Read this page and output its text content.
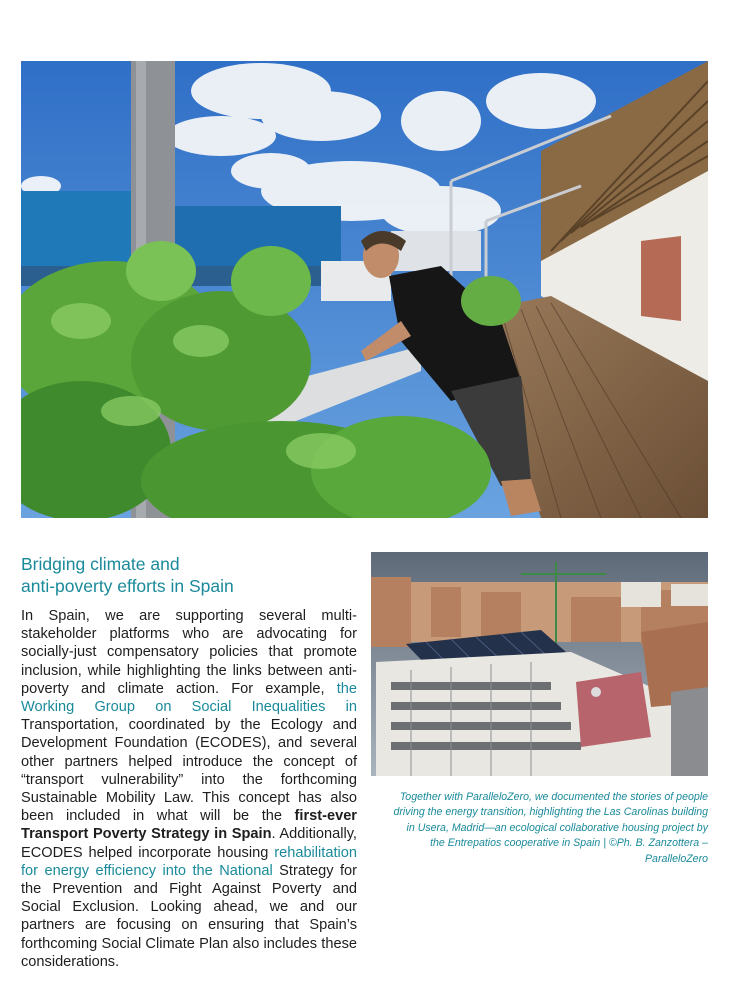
Bridging climate and
anti-poverty efforts in Spain

In Spain, we are supporting several multi-stakeholder platforms who are advocating for socially-just compensatory policies that promote inclusion, while highlighting the links between anti-poverty and climate action. For example, the Working Group on Social Inequalities in Transportation, coordinated by the Ecology and Development Foundation (ECODES), and several other partners helped introduce the concept of “transport vulnerability” into the forthcoming Sustainable Mobility Law. This concept has also been included in what will be the first-ever Transport Poverty Strategy in Spain. Additionally, ECODES helped incorporate housing rehabilitation for energy efficiency into the National Strategy for the Prevention and Fight Against Poverty and Social Exclusion. Looking ahead, we and our partners are focusing on ensuring that Spain’s forthcoming Social Climate Plan also includes these considerations.

Together with ParalleloZero, we documented the stories of people driving the energy transition, highlighting the Las Carolinas building in Usera, Madrid—an ecological collaborative housing project by the Entrepatios cooperative in Spain | ©Ph. B. Zanzottera – ParalleloZero
